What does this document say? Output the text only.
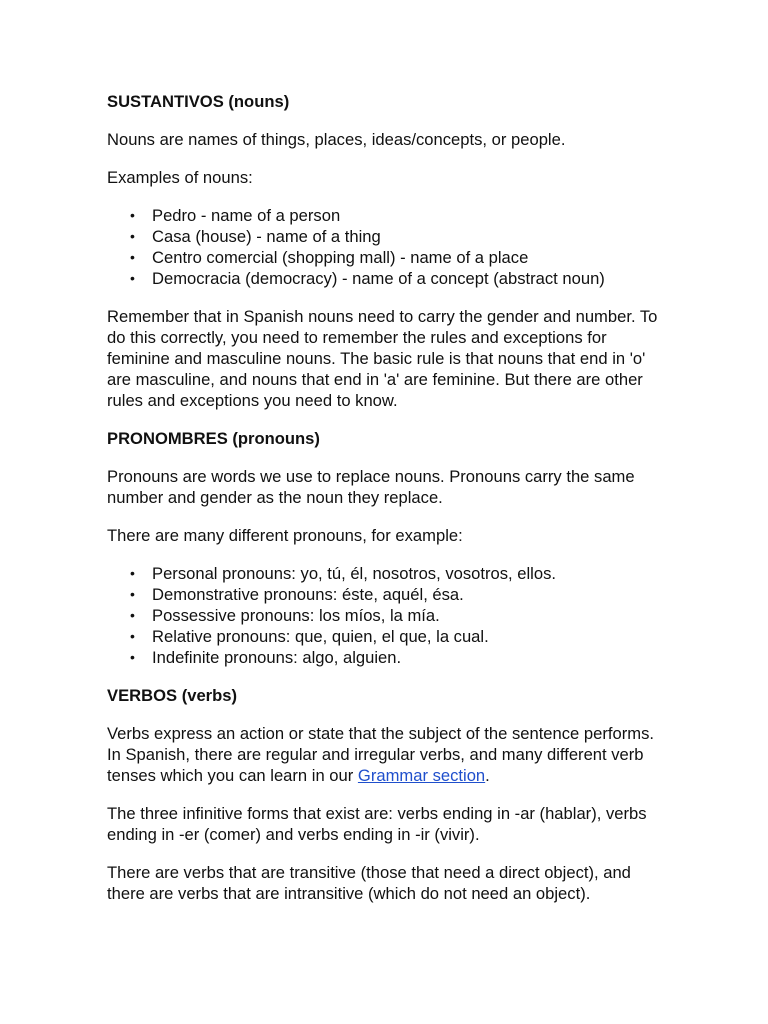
SUSTANTIVOS (nouns)

Nouns are names of things, places, ideas/concepts, or people.

Examples of nouns:

• Pedro - name of a person
• Casa (house) - name of a thing
• Centro comercial (shopping mall) - name of a place
• Democracia (democracy) - name of a concept (abstract noun)

Remember that in Spanish nouns need to carry the gender and number. To do this correctly, you need to remember the rules and exceptions for feminine and masculine nouns. The basic rule is that nouns that end in 'o' are masculine, and nouns that end in 'a' are feminine. But there are other rules and exceptions you need to know.

PRONOMBRES (pronouns)

Pronouns are words we use to replace nouns. Pronouns carry the same number and gender as the noun they replace.

There are many different pronouns, for example:

• Personal pronouns: yo, tú, él, nosotros, vosotros, ellos.
• Demonstrative pronouns: éste, aquél, ésa.
• Possessive pronouns: los míos, la mía.
• Relative pronouns: que, quien, el que, la cual.
• Indefinite pronouns: algo, alguien.
VERBOS (verbs)

Verbs express an action or state that the subject of the sentence performs. In Spanish, there are regular and irregular verbs, and many different verb tenses which you can learn in our Grammar section.

The three infinitive forms that exist are: verbs ending in -ar (hablar), verbs ending in -er (comer) and verbs ending in -ir (vivir).

There are verbs that are transitive (those that need a direct object), and there are verbs that are intransitive (which do not need an object).
